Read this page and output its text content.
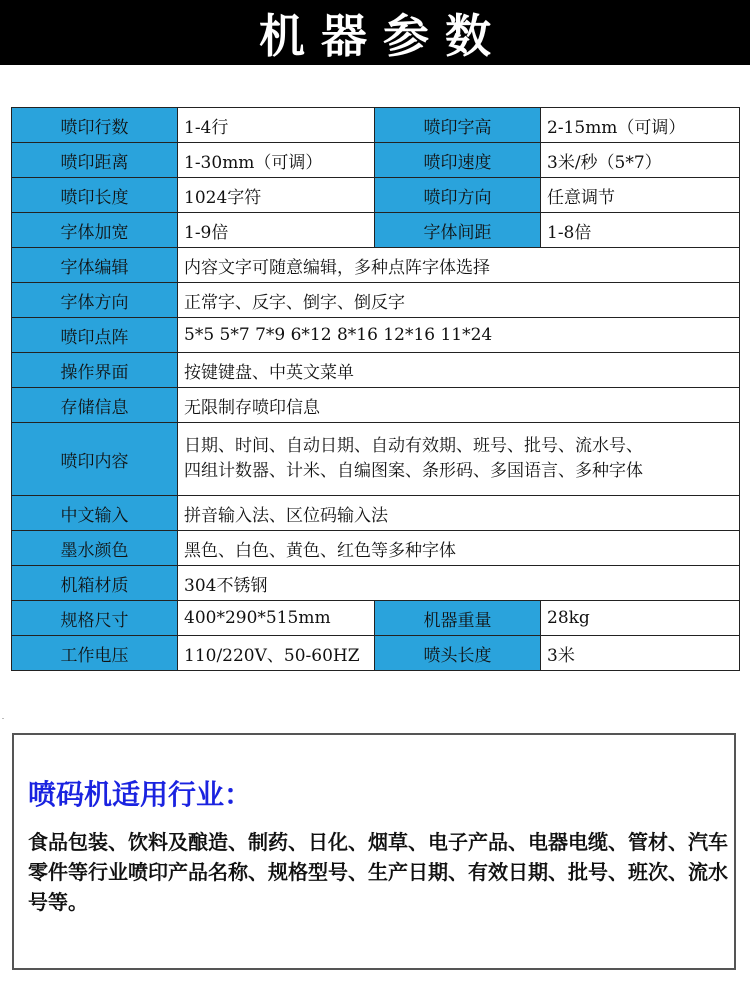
机器参数
喷印行数	1-4行	喷印字高	2-15mm（可调）
喷印距离	1-30mm（可调）	喷印速度	3米/秒（5*7）
喷印长度	1024字符	喷印方向	任意调节
字体加宽	1-9倍	字体间距	1-8倍
字体编辑	内容文字可随意编辑，多种点阵字体选择		
字体方向	正常字、反字、倒字、倒反字		
喷印点阵	5*5 5*7 7*9 6*12 8*16 12*16 11*24		
操作界面	按键键盘、中英文菜单		
存储信息	无限制存喷印信息		
喷印内容	日期、时间、自动日期、自动有效期、班号、批号、流水号、
四组计数器、计米、自编图案、条形码、多国语言、多种字体		

中文输入	拼音输入法、区位码输入法		
墨水颜色	黑色、白色、黄色、红色等多种字体		
机箱材质	304不锈钢		
规格尺寸	400*290*515mm	机器重量	28kg
工作电压	110/220V、50-60HZ	喷头长度	3米
喷码机适用行业：
食品包装、饮料及酿造、制药、日化、烟草、电子产品、电器电缆、管材、汽车零件等行业喷印产品名称、规格型号、生产日期、有效日期、批号、班次、流水号等。
